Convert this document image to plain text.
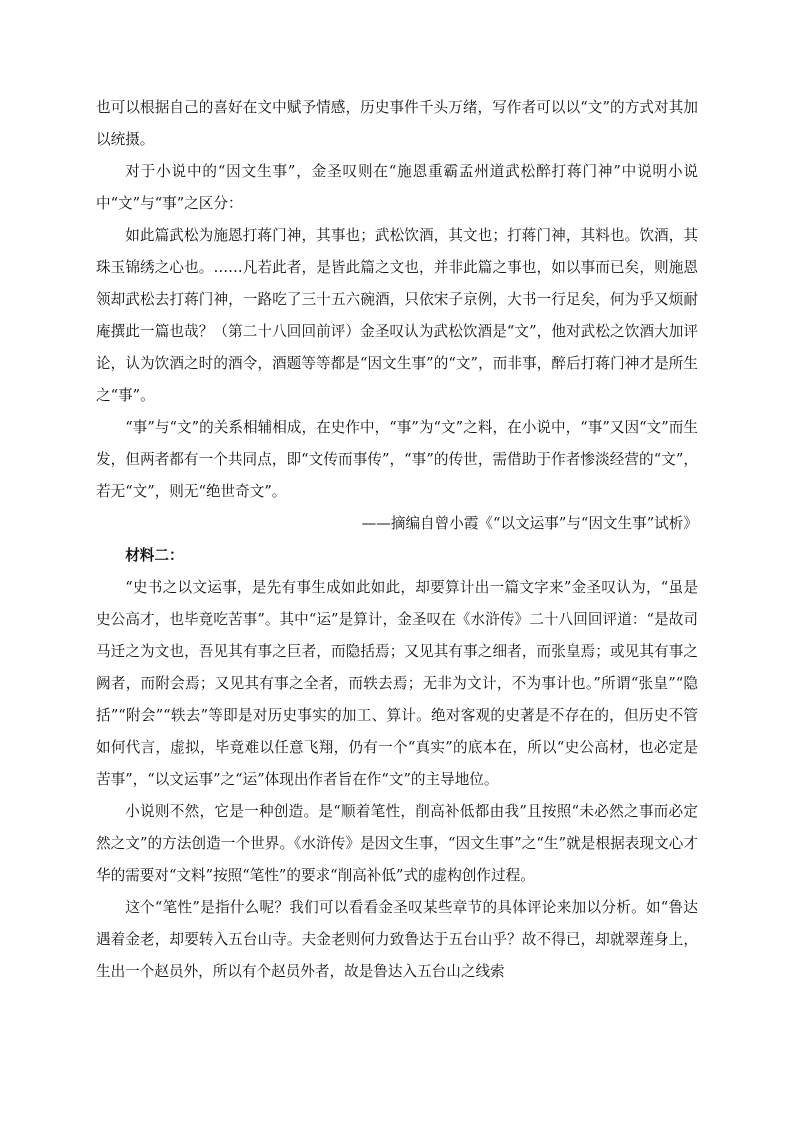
也可以根据自己的喜好在文中赋予情感，历史事件千头万绪，写作者可以以“文”的方式对其加以统摄。

对于小说中的“因文生事”，金圣叹则在“施恩重霸孟州道武松醉打蒋门神”中说明小说中“文”与“事”之区分：

如此篇武松为施恩打蒋门神，其事也；武松饮酒，其文也；打蒋门神，其料也。饮酒，其珠玉锦绣之心也。……凡若此者，是皆此篇之文也，并非此篇之事也，如以事而已矣，则施恩领却武松去打蒋门神，一路吃了三十五六碗酒，只依宋子京例，大书一行足矣，何为乎又烦耐庵撰此一篇也哉？（第二十八回回前评）金圣叹认为武松饮酒是“文”，他对武松之饮酒大加评论，认为饮酒之时的酒令，酒题等等都是“因文生事”的“文”，而非事，醉后打蒋门神才是所生之“事”。

“事”与“文”的关系相辅相成，在史作中，“事”为“文”之料，在小说中，“事”又因“文”而生发，但两者都有一个共同点，即“文传而事传”，“事”的传世，需借助于作者惨淡经营的“文”，若无“文”，则无“绝世奇文”。

——摘编自曾小霞《“以文运事”与“因文生事”试析》

材料二：

“史书之以文运事，是先有事生成如此如此，却要算计出一篇文字来”金圣叹认为，“虽是史公高才，也毕竟吃苦事”。其中“运”是算计，金圣叹在《水浒传》二十八回回评道：“是故司马迁之为文也，吾见其有事之巨者，而隐括焉；又见其有事之细者，而张皇焉；或见其有事之阙者，而附会焉；又见其有事之全者，而轶去焉；无非为文计，不为事计也。”所谓“张皇”“隐括”“附会”“轶去”等即是对历史事实的加工、算计。绝对客观的史著是不存在的，但历史不管如何代言，虚拟，毕竟难以任意飞翔，仍有一个“真实”的底本在，所以“史公高材，也必定是苦事”，“以文运事”之“运”体现出作者旨在作“文”的主导地位。

小说则不然，它是一种创造。是“顺着笔性，削高补低都由我”且按照“未必然之事而必定然之文”的方法创造一个世界。《水浒传》是因文生事，“因文生事”之“生”就是根据表现文心才华的需要对“文料”按照“笔性”的要求“削高补低”式的虚构创作过程。

这个“笔性”是指什么呢？我们可以看看金圣叹某些章节的具体评论来加以分析。如“鲁达遇着金老，却要转入五台山寺。夫金老则何力致鲁达于五台山乎？故不得已，却就翠莲身上，生出一个赵员外，所以有个赵员外者，故是鲁达入五台山之线索
